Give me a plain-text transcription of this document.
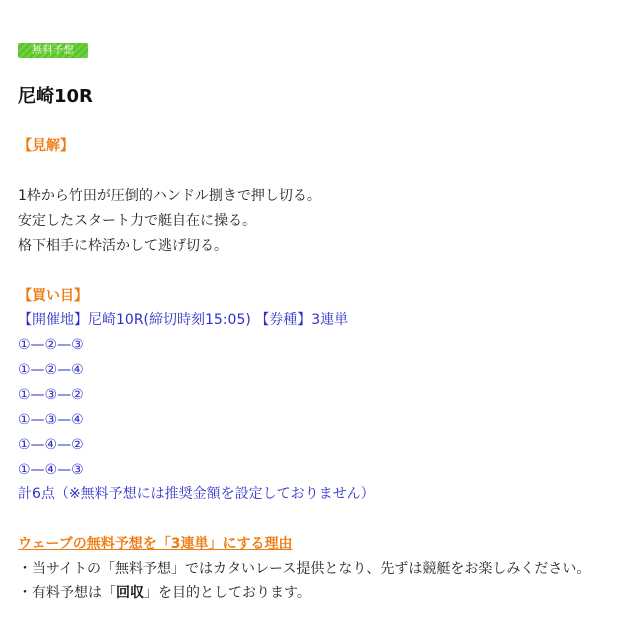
無料予想
尼崎10R
【見解】
1枠から竹田が圧倒的ハンドル捌きで押し切る。
安定したスタート力で艇自在に操る。
格下相手に枠活かして逃げ切る。
【買い目】
【開催地】尼崎10R(締切時刻15:05) 【券種】3連単
①—②—③
①—②—④
①—③—②
①—③—④
①—④—②
①—④—③
計6点（※無料予想には推奨金額を設定しておりません）
ウェーブの無料予想を「3連単」にする理由
・当サイトの「無料予想」ではカタいレース提供となり、先ずは競艇をお楽しみください。
・有料予想は「回収」を目的としております。
